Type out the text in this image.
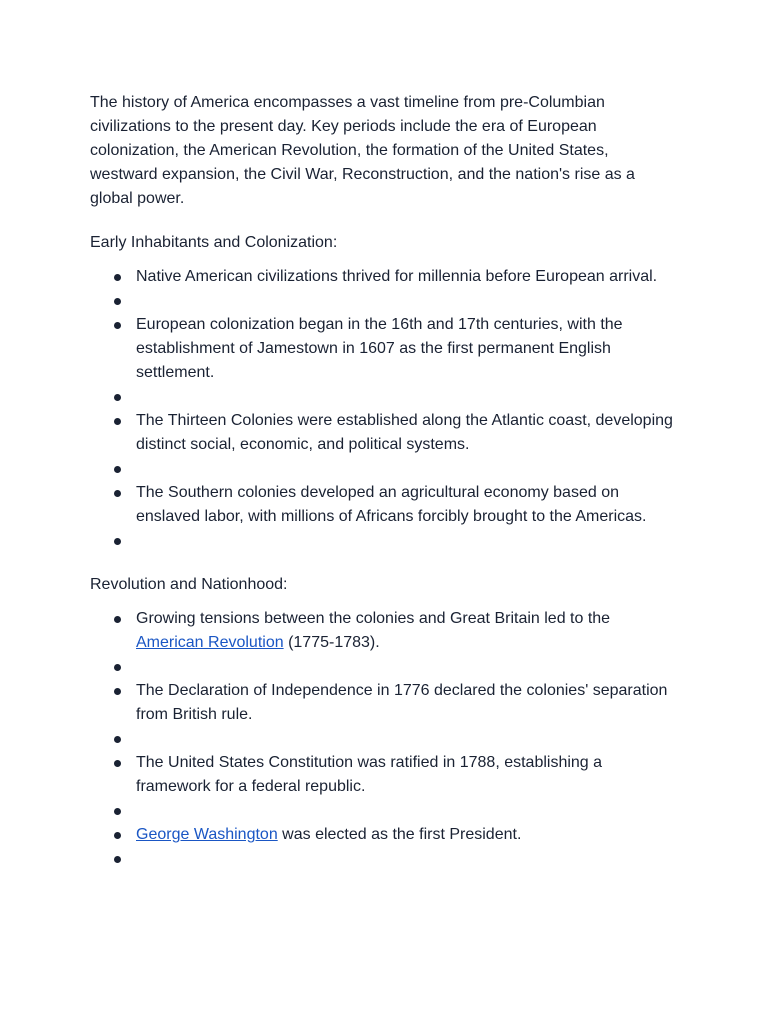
The history of America encompasses a vast timeline from pre-Columbian civilizations to the present day. Key periods include the era of European colonization, the American Revolution, the formation of the United States, westward expansion, the Civil War, Reconstruction, and the nation's rise as a global power.

Early Inhabitants and Colonization:

Native American civilizations thrived for millennia before European arrival.
European colonization began in the 16th and 17th centuries, with the establishment of Jamestown in 1607 as the first permanent English settlement.
The Thirteen Colonies were established along the Atlantic coast, developing distinct social, economic, and political systems.
The Southern colonies developed an agricultural economy based on enslaved labor, with millions of Africans forcibly brought to the Americas.

Revolution and Nationhood:

Growing tensions between the colonies and Great Britain led to the
American Revolution (1775-1783).
The Declaration of Independence in 1776 declared the colonies' separation from British rule.
The United States Constitution was ratified in 1788, establishing a framework for a federal republic.
George Washington was elected as the first President.
